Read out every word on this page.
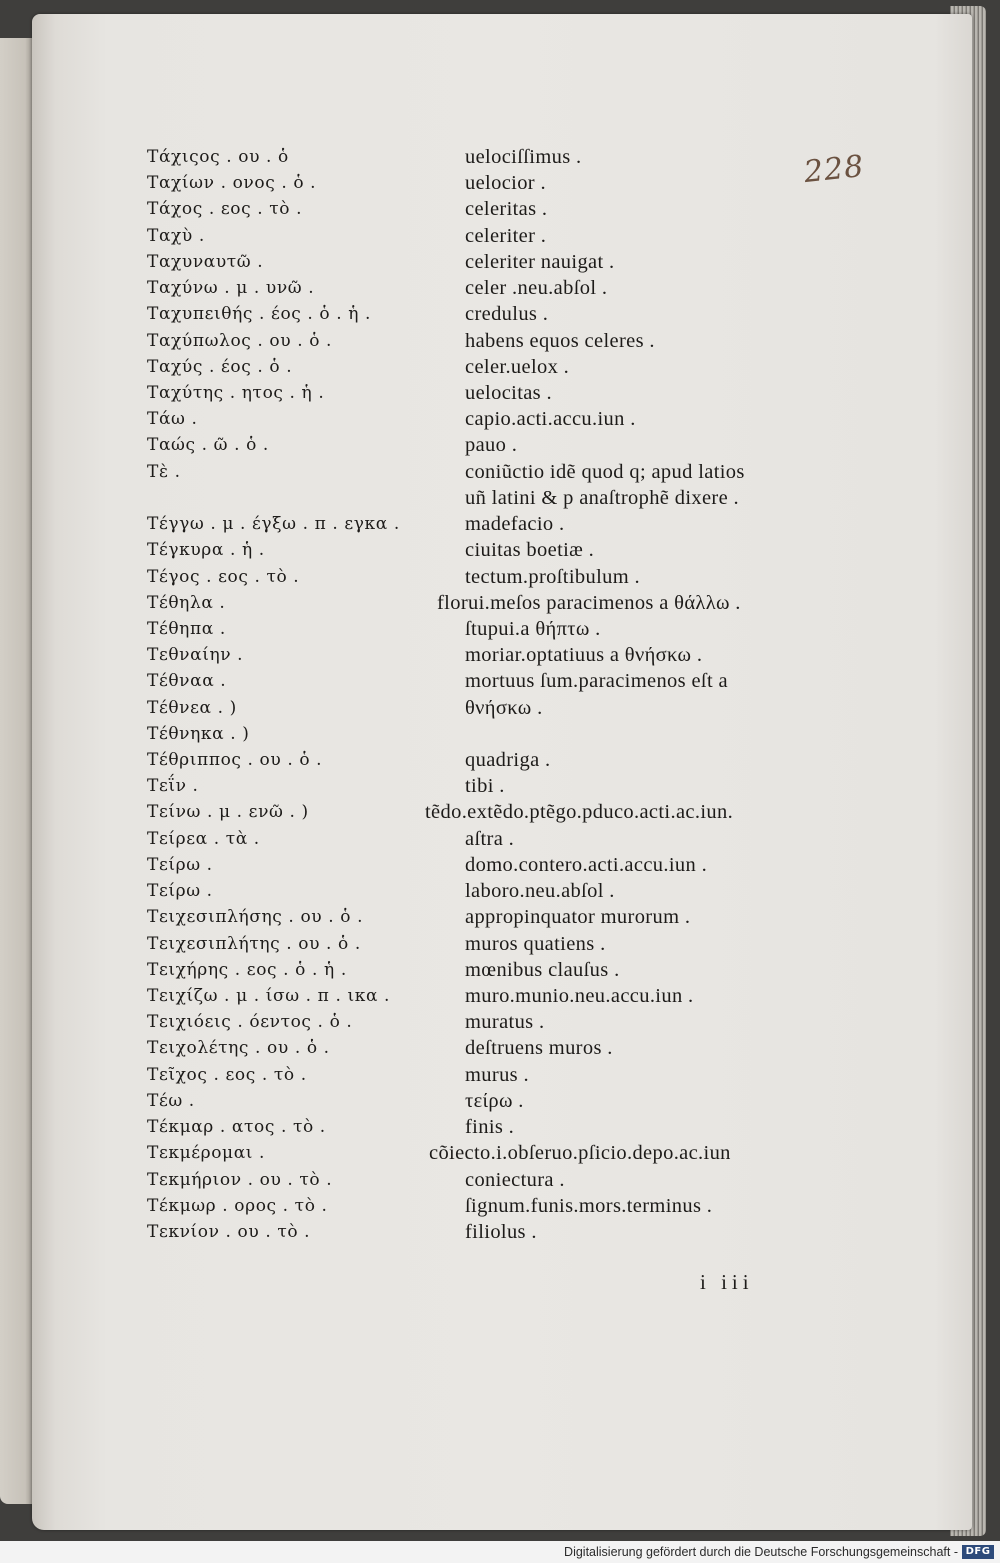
228
Τάχιςος . ου . ὁ	uelociſſimus .
Ταχίων . ονος . ὁ .	uelocior .
Τάχος . εος . τὸ .	celeritas .
Ταχὺ .	celeriter .
Ταχυναυτῶ .	celeriter nauigat .
Ταχύνω . μ . υνῶ .	celer .neu.abſol .
Ταχυπειθής . έος . ὁ . ἡ .	credulus .
Ταχύπωλος . ου . ὁ .	habens equos celeres .
Ταχύς . έος . ὁ .	celer.uelox .
Ταχύτης . ητος . ἡ .	uelocitas .
Τάω .	capio.acti.accu.iun .
Ταώς . ῶ . ὁ .	pauo .
Τὲ .	coniũctio idẽ quod q; apud latios
uñ latini & p anaſtrophẽ dixere .
Τέγγω . μ . έγξω . π . εγκα .	madefacio .
Τέγκυρα . ἡ .	ciuitas boetiæ .
Τέγος . εος . τὸ .	tectum.proſtibulum .
Τέθηλα .	florui.meſos paracimenos a θάλλω .
Τέθηπα .	ſtupui.a θήπτω .
Τεθναίην .	moriar.optatiuus a θνήσκω .
Τέθναα .	mortuus ſum.paracimenos eſt a
Τέθνεα . )	θνήσκω .
Τέθνηκα . )
Τέθριππος . ου . ὁ .	quadriga .
Τεΐν .	tibi .
Τείνω . μ . ενῶ . )	tẽdo.extẽdo.ptẽgo.pduco.acti.ac.iun.
Τείρεα . τὰ .	aſtra .
Τείρω .	domo.contero.acti.accu.iun .
Τείρω .	laboro.neu.abſol .
Τειχεσιπλήσης . ου . ὁ .	appropinquator murorum .
Τειχεσιπλήτης . ου . ὁ .	muros quatiens .
Τειχήρης . εος . ὁ . ἡ .	mœnibus clauſus .
Τειχίζω . μ . ίσω . π . ικα .	muro.munio.neu.accu.iun .
Τειχιόεις . όεντος . ὁ .	muratus .
Τειχολέτης . ου . ὁ .	deſtruens muros .
Τεῖχος . εος . τὸ .	murus .
Τέω .	τείρω .
Τέκμαρ . ατος . τὸ .	finis .
Τεκμέρομαι .	cõiecto.i.obſeruo.pſicio.depo.ac.iun
Τεκμήριον . ου . τὸ .	coniectura .
Τέκμωρ . ορος . τὸ .	ſignum.funis.mors.terminus .
Τεκνίον . ου . τὸ .	filiolus .
i iii
Digitalisierung gefördert durch die Deutsche Forschungsgemeinschaft - DFG
